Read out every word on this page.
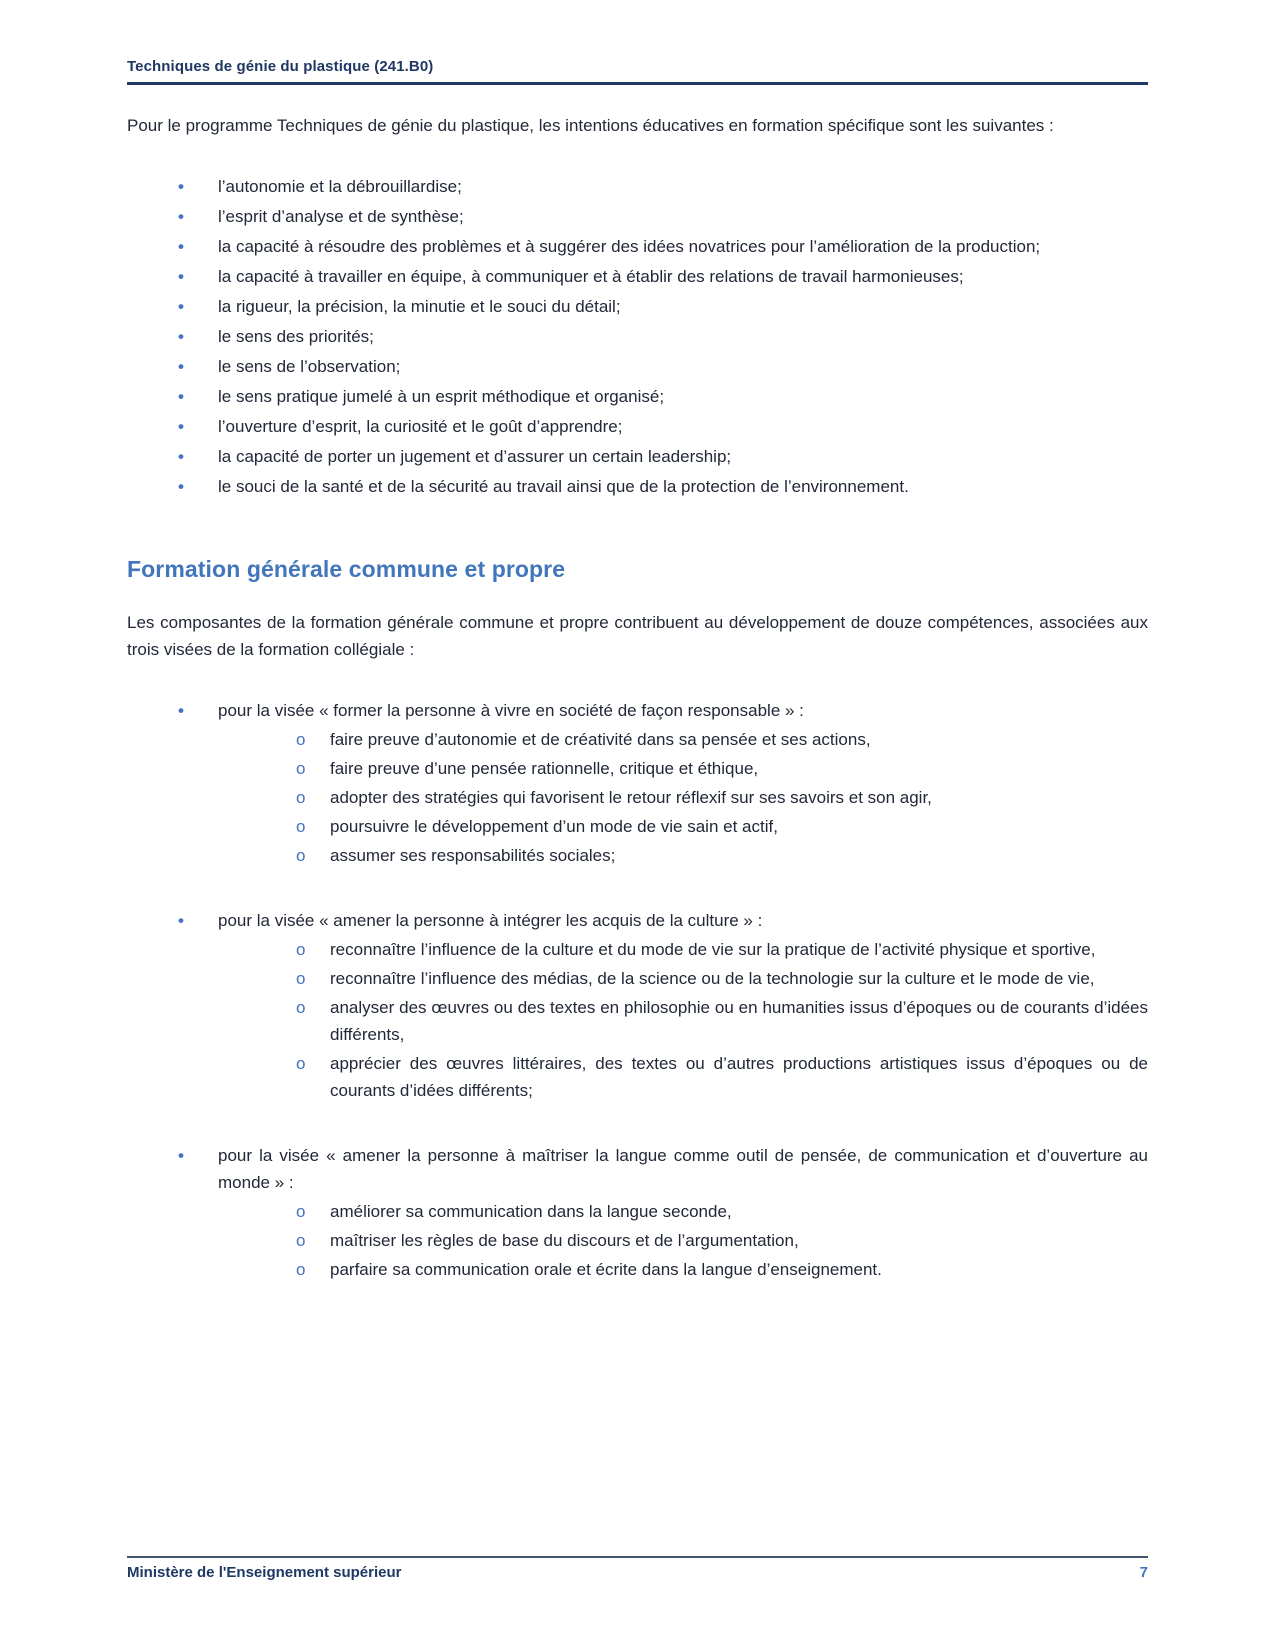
Techniques de génie du plastique (241.B0)

Pour le programme Techniques de génie du plastique, les intentions éducatives en formation spécifique sont les suivantes :

•	l’autonomie et la débrouillardise;
•	l’esprit d’analyse et de synthèse;
•	la capacité à résoudre des problèmes et à suggérer des idées novatrices pour l’amélioration de la production;
•	la capacité à travailler en équipe, à communiquer et à établir des relations de travail harmonieuses;
•	la rigueur, la précision, la minutie et le souci du détail;
•	le sens des priorités;
•	le sens de l’observation;
•	le sens pratique jumelé à un esprit méthodique et organisé;
•	l’ouverture d’esprit, la curiosité et le goût d’apprendre;
•	la capacité de porter un jugement et d’assurer un certain leadership;
•	le souci de la santé et de la sécurité au travail ainsi que de la protection de l’environnement.
Formation générale commune et propre

Les composantes de la formation générale commune et propre contribuent au développement de douze compétences, associées aux trois visées de la formation collégiale :

•	pour la visée « former la personne à vivre en société de façon responsable » :
o	faire preuve d’autonomie et de créativité dans sa pensée et ses actions,
o	faire preuve d’une pensée rationnelle, critique et éthique,
o	adopter des stratégies qui favorisent le retour réflexif sur ses savoirs et son agir,
o	poursuivre le développement d’un mode de vie sain et actif,
o	assumer ses responsabilités sociales;
•	pour la visée « amener la personne à intégrer les acquis de la culture » :
o	reconnaître l’influence de la culture et du mode de vie sur la pratique de l’activité physique et sportive,
o	reconnaître l’influence des médias, de la science ou de la technologie sur la culture et le mode de vie,
o	analyser des œuvres ou des textes en philosophie ou en humanities issus d’époques ou de courants d’idées différents,
o	apprécier des œuvres littéraires, des textes ou d’autres productions artistiques issus d’époques ou de courants d’idées différents;
•	pour la visée « amener la personne à maîtriser la langue comme outil de pensée, de communication et d’ouverture au monde » :
o	améliorer sa communication dans la langue seconde,
o	maîtriser les règles de base du discours et de l’argumentation,
o	parfaire sa communication orale et écrite dans la langue d’enseignement.
Ministère de l'Enseignement supérieur	7
